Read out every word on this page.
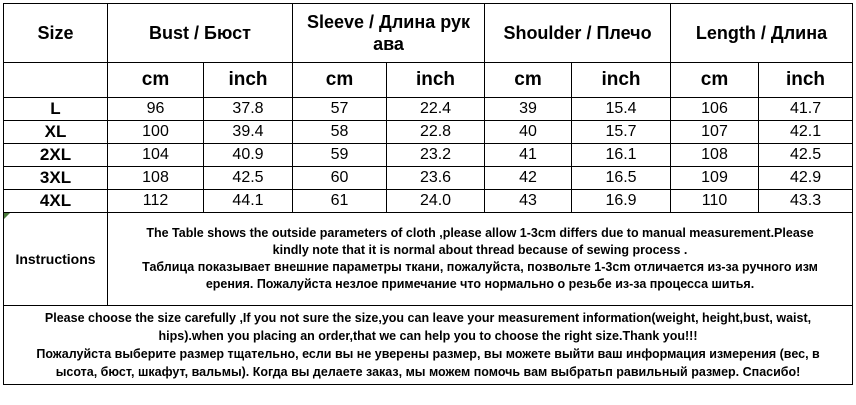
Size	Bust / Бюст		Sleeve / Длина рук ава		Shoulder / Плечо		Length / Длина	
	cm	inch	cm	inch	cm	inch	cm	inch
L	96	37.8	57	22.4	39	15.4	106	41.7
XL	100	39.4	58	22.8	40	15.7	107	42.1
2XL	104	40.9	59	23.2	41	16.1	108	42.5
3XL	108	42.5	60	23.6	42	16.5	109	42.9
4XL	112	44.1	61	24.0	43	16.9	110	43.3

Instructions	The Table shows the outside parameters of cloth ,please allow 1-3cm differs due to manual measurement.Please
kindly note that it is normal about thread because of sewing process .
Таблица показывает внешние параметры ткани, пожалуйста, позвольте 1-3cm отличается из-за ручного изм
ерения. Пожалуйста незлое примечание что нормально о резьбе из-за процесса шитья.							

Please choose the size carefully ,If you not sure the size,you can leave your measurement information(weight, height,bust, waist,
hips).when you placing an order,that we can help you to choose the right size.Thank you!!!
Пожалуйста выберите размер тщательно, если вы не уверены размер, вы можете выйти ваш информация измерения (вес, в
ысота, бюст, шкафут, вальмы). Когда вы делаете заказ, мы можем помочь вам выбратьп равильный размер. Спасибо!								
